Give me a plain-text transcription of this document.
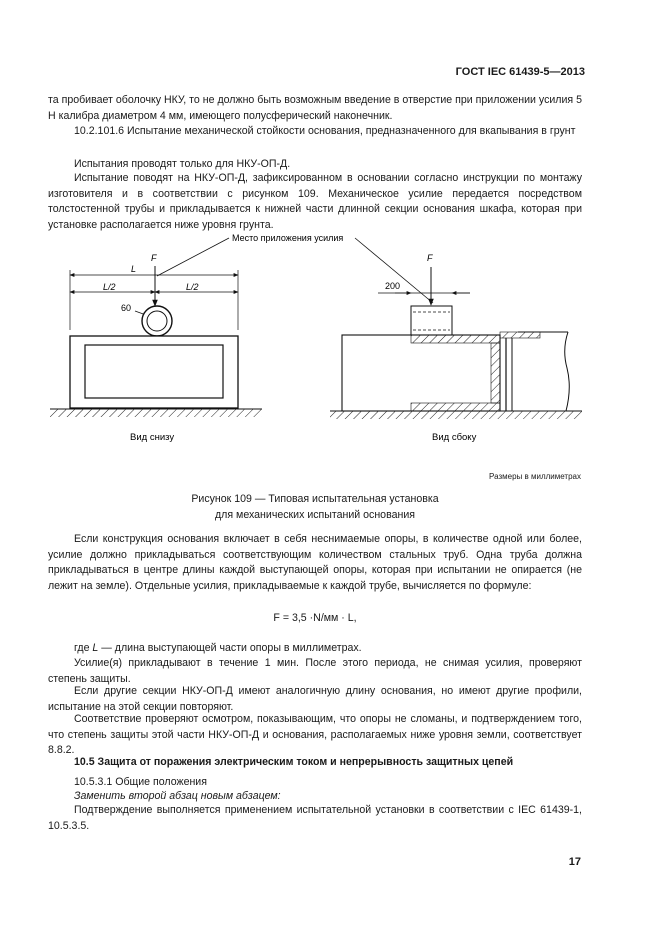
ГОСТ IEC 61439-5—2013

та пробивает оболочку НКУ, то не должно быть возможным введение в отверстие при приложении усилия 5 Н калибра диаметром 4 мм, имеющего полусферический наконечник.

10.2.101.6 Испытание механической стойкости основания, предназначенного для вкапывания в грунт

Испытания проводят только для НКУ-ОП-Д.

Испытание поводят на НКУ-ОП-Д, зафиксированном в основании согласно инструкции по монтажу изготовителя и в соответствии с рисунком 109. Механическое усилие передается посредством толстостенной трубы и прикладывается к нижней части длинной секции основания шкафа, которая при установке располагается ниже уровня грунта.

Место приложения усилия
F
L
L/2	L/2
60
Вид снизу
F
200
Вид сбоку
Размеры в миллиметрах
Рисунок 109 — Типовая испытательная установка
для механических испытаний основания

Если конструкция основания включает в себя неснимаемые опоры, в количестве одной или более, усилие должно прикладываться соответствующим количеством стальных труб. Одна труба должна прикладываться в центре длины каждой выступающей опоры, которая при испытании не опирается (не лежит на земле). Отдельные усилия, прикладываемые к каждой трубе, вычисляется по формуле:

F = 3,5 ·N/мм · L,

где L — длина выступающей части опоры в миллиметрах.

Усилие(я) прикладывают в течение 1 мин. После этого периода, не снимая усилия, проверяют степень защиты.

Если другие секции НКУ-ОП-Д имеют аналогичную длину основания, но имеют другие профили, испытание на этой секции повторяют.

Соответствие проверяют осмотром, показывающим, что опоры не сломаны, и подтверждением того, что степень защиты этой части НКУ-ОП-Д и основания, располагаемых ниже уровня земли, соответствует 8.8.2.

10.5 Защита от поражения электрическим током и непрерывность защитных цепей

10.5.3.1 Общие положения

Заменить второй абзац новым абзацем:

Подтверждение выполняется применением испытательной установки в соответствии с IEC 61439-1, 10.5.3.5.

17
